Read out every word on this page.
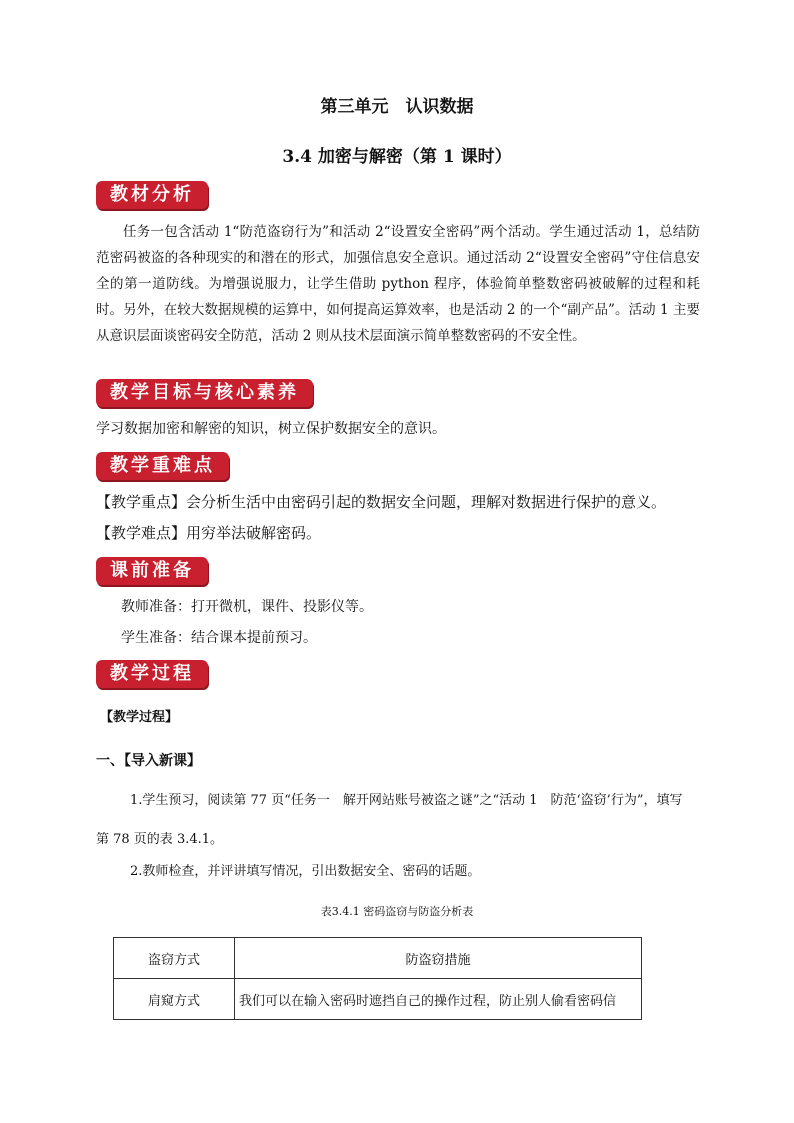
第三单元　认识数据
3.4 加密与解密（第 1 课时）
教材分析
任务一包含活动 1“防范盗窃行为”和活动 2“设置安全密码”两个活动。学生通过活动 1，总结防范密码被盗的各种现实的和潜在的形式，加强信息安全意识。通过活动 2“设置安全密码”守住信息安全的第一道防线。为增强说服力，让学生借助 python 程序，体验简单整数密码被破解的过程和耗时。另外，在较大数据规模的运算中，如何提高运算效率，也是活动 2 的一个“副产品”。活动 1 主要从意识层面谈密码安全防范，活动 2 则从技术层面演示简单整数密码的不安全性。
教学目标与核心素养
学习数据加密和解密的知识，树立保护数据安全的意识。
教学重难点
【教学重点】会分析生活中由密码引起的数据安全问题，理解对数据进行保护的意义。
【教学难点】用穷举法破解密码。
课前准备
教师准备：打开微机，课件、投影仪等。
学生准备：结合课本提前预习。
教学过程
【教学过程】
一、【导入新课】
1.学生预习，阅读第 77 页“任务一　解开网站账号被盗之谜”之“活动 1　防范‘盗窃’行为”，填写
第 78 页的表 3.4.1。
2.教师检查，并评讲填写情况，引出数据安全、密码的话题。
表3.4.1 密码盗窃与防盗分析表
盗窃方式	防盗窃措施
肩窥方式	我们可以在输入密码时遮挡自己的操作过程，防止别人偷看密码信
